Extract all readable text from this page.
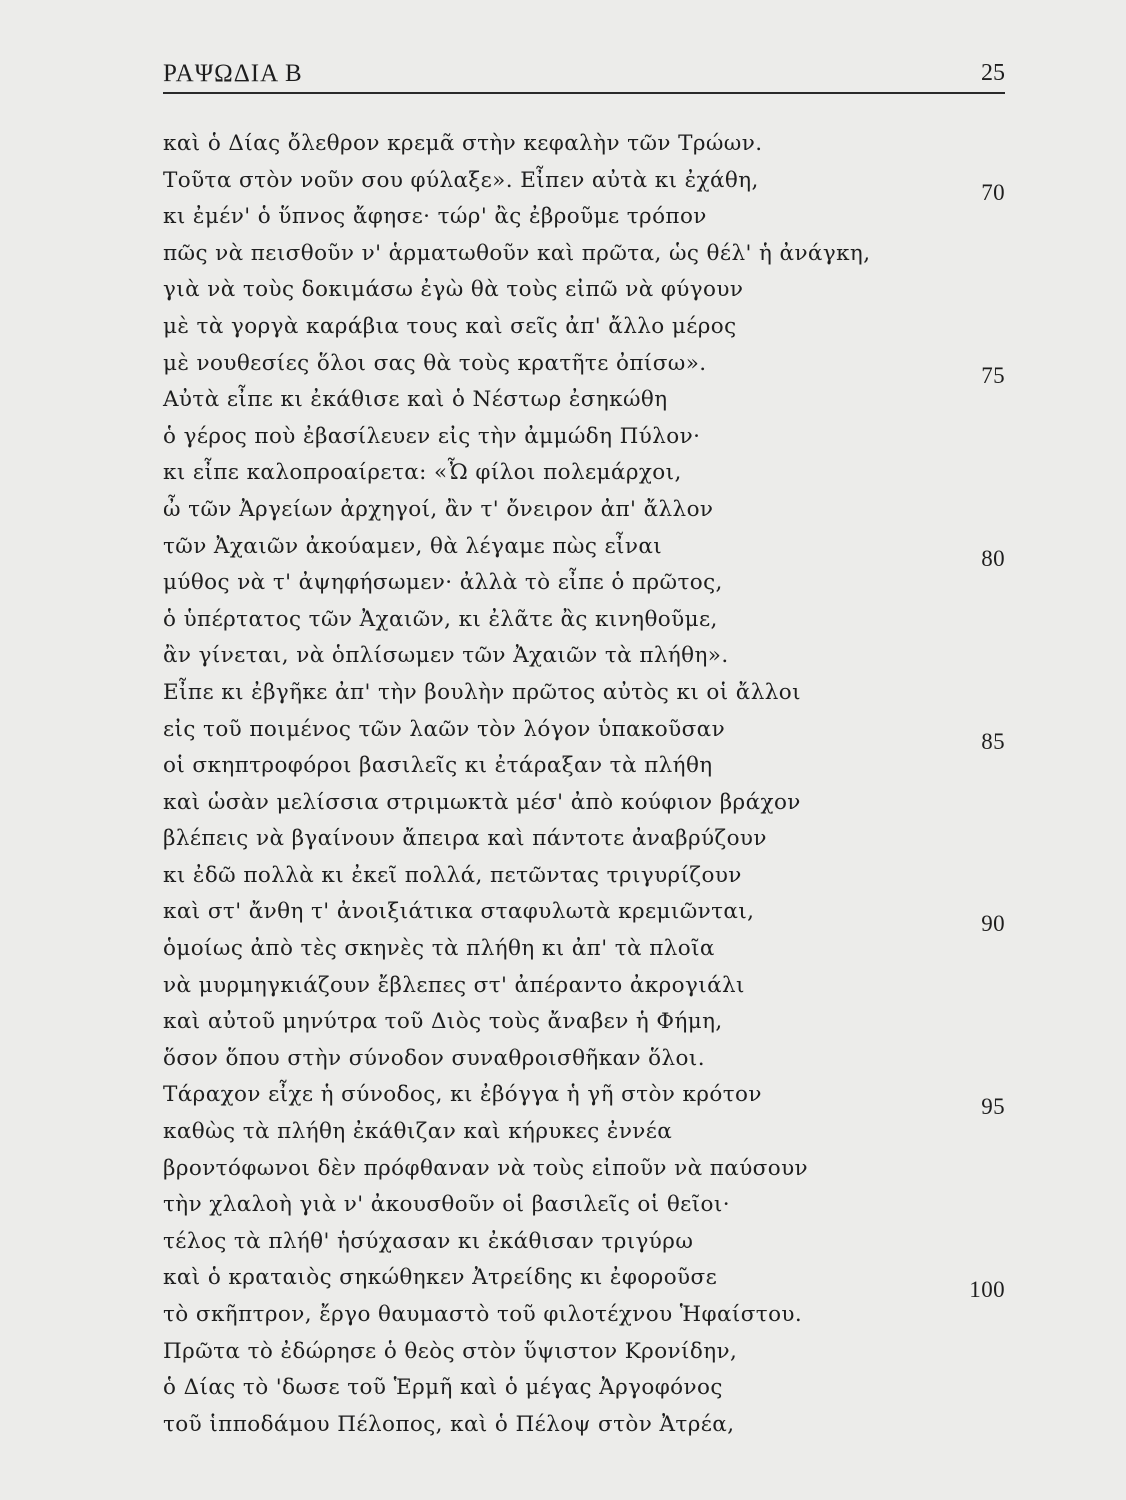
ΡΑΨΩΔΙΑ Β	25
καὶ ὁ Δίας ὄλεθρον κρεμᾶ στὴν κεφαλὴν τῶν Τρώων.
Τοῦτα στὸν νοῦν σου φύλαξε». Εἶπεν αὐτὰ κι ἐχάθη,	70
κι ἐμέν' ὁ ὕπνος ἄφησε· τώρ' ἂς ἐβροῦμε τρόπον
πῶς νὰ πεισθοῦν ν' ἁρματωθοῦν καὶ πρῶτα, ὡς θέλ' ἡ ἀνάγκη,
γιὰ νὰ τοὺς δοκιμάσω ἐγὼ θὰ τοὺς εἰπῶ νὰ φύγουν
μὲ τὰ γοργὰ καράβια τους καὶ σεῖς ἀπ' ἄλλο μέρος
μὲ νουθεσίες ὅλοι σας θὰ τοὺς κρατῆτε ὀπίσω».	75
Αὐτὰ εἶπε κι ἐκάθισε καὶ ὁ Νέστωρ ἐσηκώθη
ὁ γέρος ποὺ ἐβασίλευεν εἰς τὴν ἀμμώδη Πύλον·
κι εἶπε καλοπροαίρετα: «Ὦ φίλοι πολεμάρχοι,
ὦ τῶν Ἀργείων ἀρχηγοί, ἂν τ' ὄνειρον ἀπ' ἄλλον
τῶν Ἀχαιῶν ἀκούαμεν, θὰ λέγαμε πὼς εἶναι	80
μύθος νὰ τ' ἀψηφήσωμεν· ἀλλὰ τὸ εἶπε ὁ πρῶτος,
ὁ ὑπέρτατος τῶν Ἀχαιῶν, κι ἐλᾶτε ἂς κινηθοῦμε,
ἂν γίνεται, νὰ ὁπλίσωμεν τῶν Ἀχαιῶν τὰ πλήθη».
Εἶπε κι ἐβγῆκε ἀπ' τὴν βουλὴν πρῶτος αὐτὸς κι οἱ ἄλλοι
εἰς τοῦ ποιμένος τῶν λαῶν τὸν λόγον ὑπακοῦσαν	85
οἱ σκηπτροφόροι βασιλεῖς κι ἐτάραξαν τὰ πλήθη
καὶ ὡσὰν μελίσσια στριμωκτὰ μέσ' ἀπὸ κούφιον βράχον
βλέπεις νὰ βγαίνουν ἄπειρα καὶ πάντοτε ἀναβρύζουν
κι ἐδῶ πολλὰ κι ἐκεῖ πολλά, πετῶντας τριγυρίζουν
καὶ στ' ἄνθη τ' ἀνοιξιάτικα σταφυλωτὰ κρεμιῶνται,	90
ὁμοίως ἀπὸ τὲς σκηνὲς τὰ πλήθη κι ἀπ' τὰ πλοῖα
νὰ μυρμηγκιάζουν ἔβλεπες στ' ἀπέραντο ἀκρογιάλι
καὶ αὐτοῦ μηνύτρα τοῦ Διὸς τοὺς ἄναβεν ἡ Φήμη,
ὅσον ὅπου στὴν σύνοδον συναθροισθῆκαν ὅλοι.
Τάραχον εἶχε ἡ σύνοδος, κι ἐβόγγα ἡ γῆ στὸν κρότον	95
καθὼς τὰ πλήθη ἐκάθιζαν καὶ κήρυκες ἐννέα
βροντόφωνοι δὲν πρόφθαναν νὰ τοὺς εἰποῦν νὰ παύσουν
τὴν χλαλοὴ γιὰ ν' ἀκουσθοῦν οἱ βασιλεῖς οἱ θεῖοι·
τέλος τὰ πλήθ' ἡσύχασαν κι ἐκάθισαν τριγύρω
καὶ ὁ κραταιὸς σηκώθηκεν Ἀτρείδης κι ἐφοροῦσε	100
τὸ σκῆπτρον, ἔργο θαυμαστὸ τοῦ φιλοτέχνου Ἡφαίστου.
Πρῶτα τὸ ἐδώρησε ὁ θεὸς στὸν ὕψιστον Κρονίδην,
ὁ Δίας τὸ 'δωσε τοῦ Ἑρμῆ καὶ ὁ μέγας Ἀργοφόνος
τοῦ ἱπποδάμου Πέλοπος, καὶ ὁ Πέλοψ στὸν Ἀτρέα,
